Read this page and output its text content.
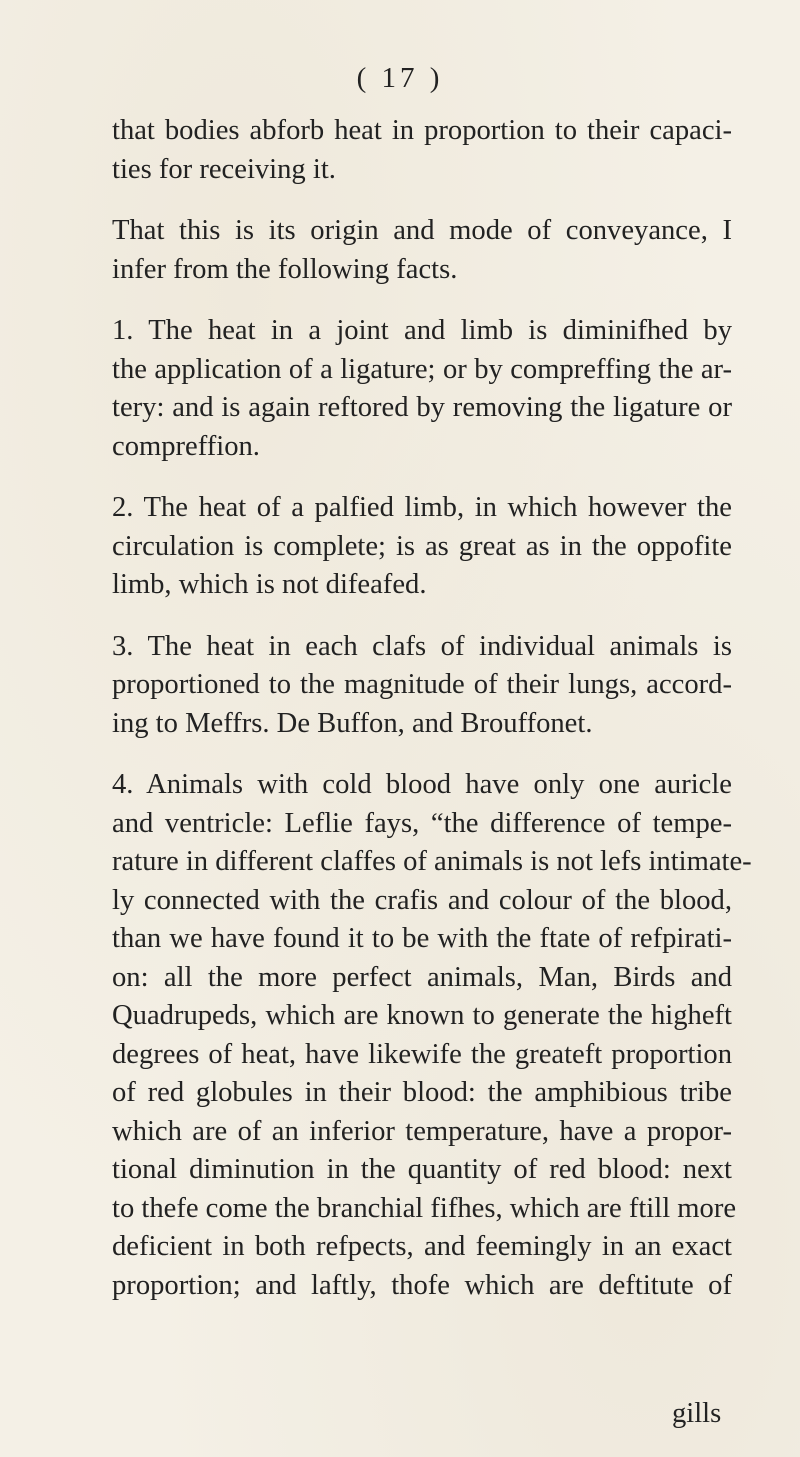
( 17 )

that bodies abforb heat in proportion to their capaci-
ties for receiving it.

That this is its origin and mode of conveyance, I
infer from the following facts.

1. The heat in a joint and limb is diminifhed by
the application of a ligature; or by compreffing the ar-
tery: and is again reftored by removing the ligature or
compreffion.

2. The heat of a palfied limb, in which however the
circulation is complete; is as great as in the oppofite
limb, which is not difeafed.

3. The heat in each clafs of individual animals is
proportioned to the magnitude of their lungs, accord-
ing to Meffrs. De Buffon, and Brouffonet.

4. Animals with cold blood have only one auricle
and ventricle: Leflie fays, “the difference of tempe-
rature in different claffes of animals is not lefs intimate-
ly connected with the crafis and colour of the blood,
than we have found it to be with the ftate of refpirati-
on: all the more perfect animals, Man, Birds and
Quadrupeds, which are known to generate the higheft
degrees of heat, have likewife the greateft proportion
of red globules in their blood: the amphibious tribe
which are of an inferior temperature, have a propor-
tional diminution in the quantity of red blood: next
to thefe come the branchial fifhes, which are ftill more
deficient in both refpects, and feemingly in an exact
proportion; and laftly, thofe which are deftitute of

gills
